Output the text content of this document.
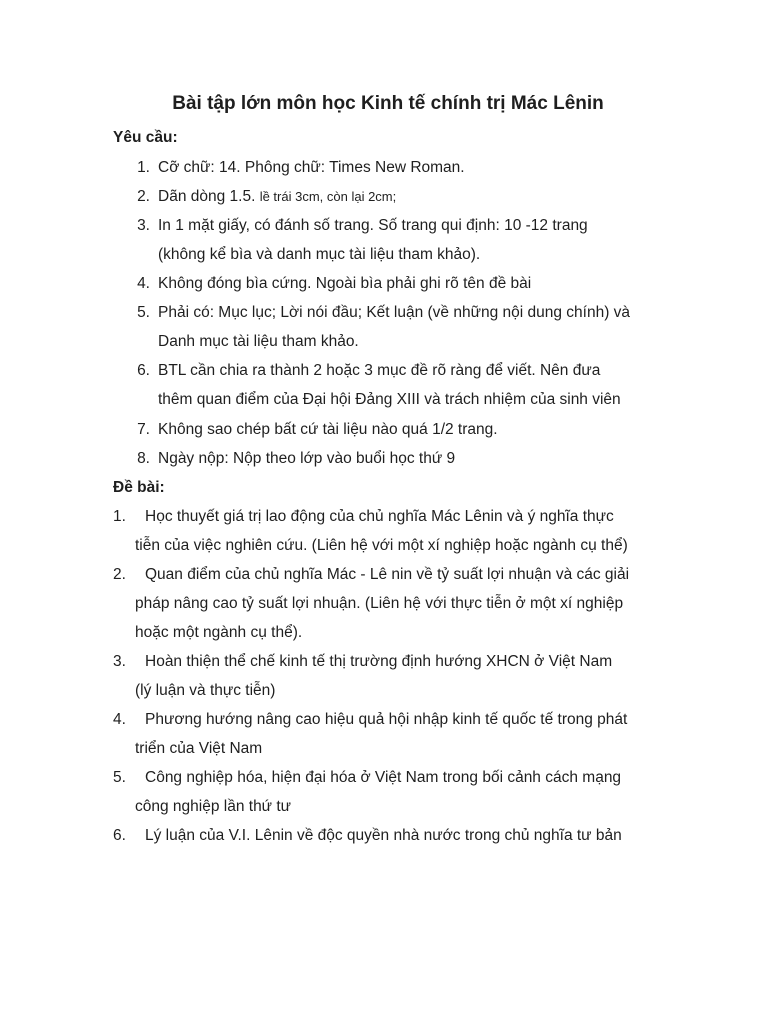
Bài tập lớn môn học Kinh tế chính trị Mác Lênin
Yêu cầu:
1. Cỡ chữ: 14. Phông chữ: Times New Roman.
2. Dãn dòng 1.5. lề trái 3cm, còn lại 2cm;
3. In 1 mặt giấy, có đánh số trang. Số trang qui định: 10 -12 trang
(không kể bìa và danh mục tài liệu tham khảo).
4. Không đóng bìa cứng. Ngoài bìa phải ghi rõ tên đề bài
5. Phải có: Mục lục; Lời nói đầu; Kết luận (về những nội dung chính) và
Danh mục tài liệu tham khảo.
6. BTL cần chia ra thành 2 hoặc 3 mục đề rõ ràng để viết. Nên đưa
thêm quan điểm của Đại hội Đảng XIII và trách nhiệm của sinh viên
7. Không sao chép bất cứ tài liệu nào quá 1/2 trang.
8. Ngày nộp: Nộp theo lớp vào buổi học thứ 9
Đề bài:
1.	Học thuyết giá trị lao động của chủ nghĩa Mác Lênin và ý nghĩa thực
tiễn của việc nghiên cứu. (Liên hệ với một xí nghiệp hoặc ngành cụ thể)
2.	Quan điểm của chủ nghĩa Mác - Lê nin về tỷ suất lợi nhuận và các giải
pháp nâng cao tỷ suất lợi nhuận. (Liên hệ với thực tiễn ở một xí nghiệp
hoặc một ngành cụ thể).
3.	Hoàn thiện thể chế kinh tế thị trường định hướng XHCN ở Việt Nam
(lý luận và thực tiễn)
4.	Phương hướng nâng cao hiệu quả hội nhập kinh tế quốc tế trong phát
triển của Việt Nam
5.	Công nghiệp hóa, hiện đại hóa ở Việt Nam trong bối cảnh cách mạng
công nghiệp lần thứ tư
6.	Lý luận của V.I. Lênin về độc quyền nhà nước trong chủ nghĩa tư bản
